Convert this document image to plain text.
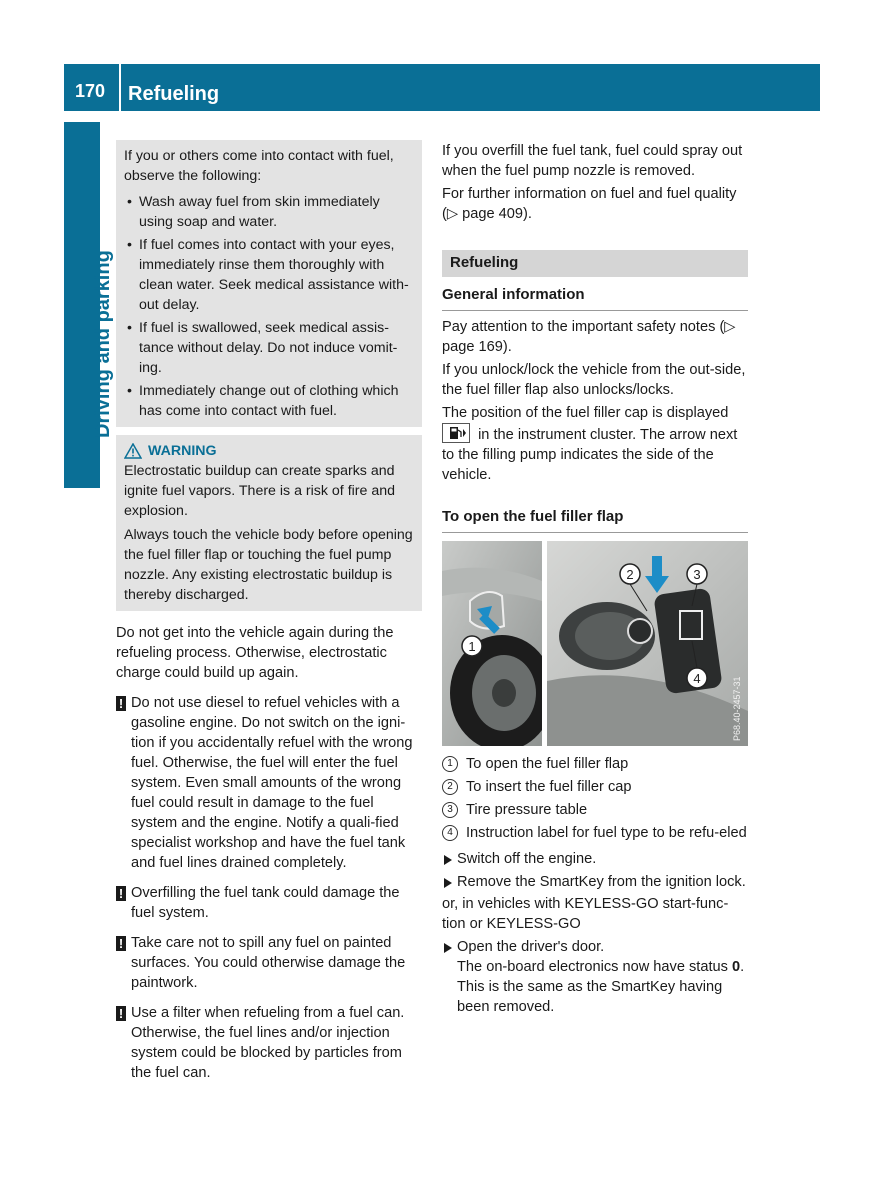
170	Refueling
Driving and parking

If you or others come into contact with fuel, observe the following:

• Wash away fuel from skin immediately using soap and water.

• If fuel comes into contact with your eyes, immediately rinse them thoroughly with clean water. Seek medical assistance with-out delay.

• If fuel is swallowed, seek medical assis-tance without delay. Do not induce vomit-ing.

• Immediately change out of clothing which has come into contact with fuel.

WARNING

Electrostatic buildup can create sparks and ignite fuel vapors. There is a risk of fire and explosion.

Always touch the vehicle body before opening the fuel filler flap or touching the fuel pump nozzle. Any existing electrostatic buildup is thereby discharged.

Do not get into the vehicle again during the refueling process. Otherwise, electrostatic charge could build up again.

! Do not use diesel to refuel vehicles with a gasoline engine. Do not switch on the igni-tion if you accidentally refuel with the wrong fuel. Otherwise, the fuel will enter the fuel system. Even small amounts of the wrong fuel could result in damage to the fuel system and the engine. Notify a quali-fied specialist workshop and have the fuel tank and fuel lines drained completely.
! Overfilling the fuel tank could damage the fuel system.
! Take care not to spill any fuel on painted surfaces. You could otherwise damage the paintwork.
! Use a filter when refueling from a fuel can. Otherwise, the fuel lines and/or injection system could be blocked by particles from the fuel can.

If you overfill the fuel tank, fuel could spray out when the fuel pump nozzle is removed.

For further information on fuel and fuel quality (▷ page 409).

Refueling
General information

Pay attention to the important safety notes (▷ page 169).

If you unlock/lock the vehicle from the out-side, the fuel filler flap also unlocks/locks.

The position of the fuel filler cap is displayed
in the instrument cluster. The arrow next to the filling pump indicates the side of the vehicle.

To open the fuel filler flap
1
2	3
4	P68.40-2457-31

1 To open the fuel filler flap

2 To insert the fuel filler cap

3 Tire pressure table

4 Instruction label for fuel type to be refu-eled

Switch off the engine.

Remove the SmartKey from the ignition lock.

or, in vehicles with KEYLESS-GO start-func-tion or KEYLESS-GO

Open the driver's door.

The on-board electronics now have status 0. This is the same as the SmartKey having been removed.
